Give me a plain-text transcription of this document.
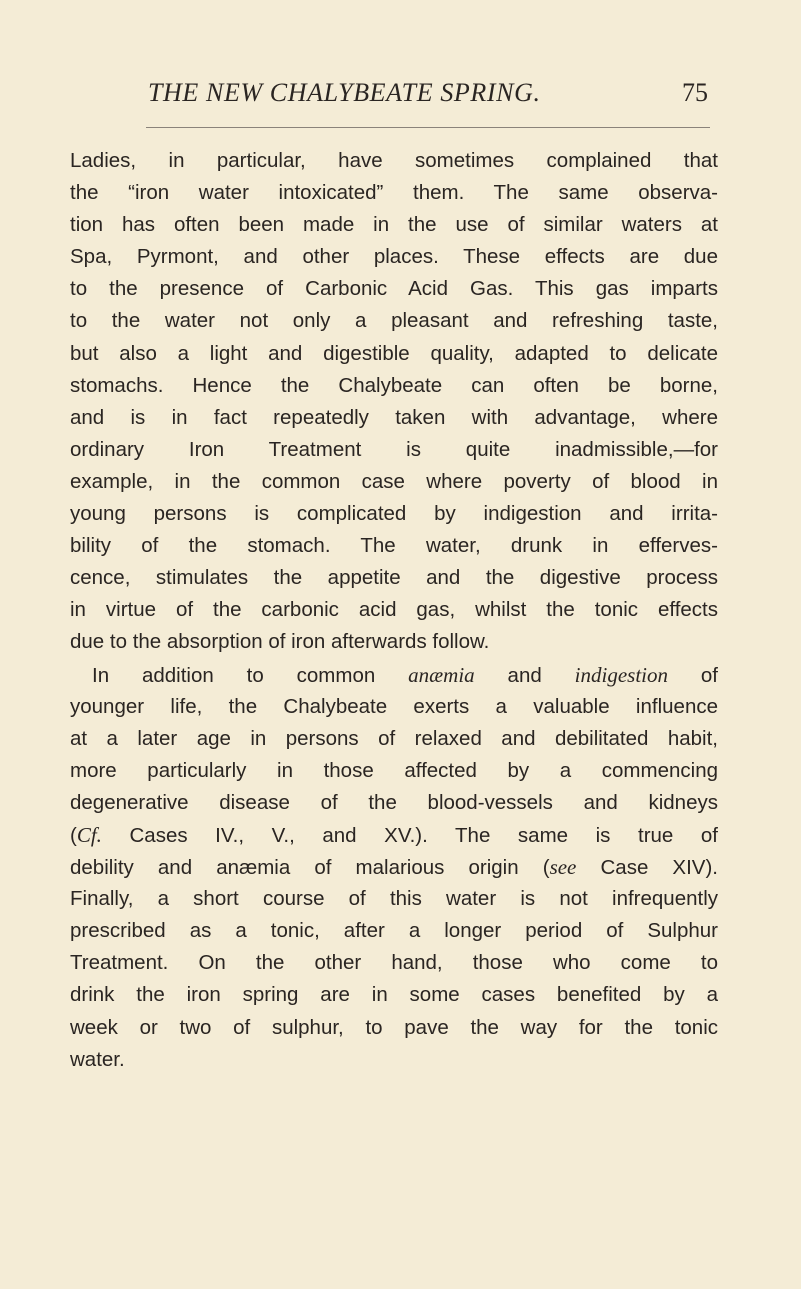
THE NEW CHALYBEATE SPRING.	75
Ladies, in particular, have sometimes complained that
the “iron water intoxicated” them. The same observa-
tion has often been made in the use of similar waters at
Spa, Pyrmont, and other places. These effects are due
to the presence of Carbonic Acid Gas. This gas imparts
to the water not only a pleasant and refreshing taste,
but also a light and digestible quality, adapted to delicate
stomachs. Hence the Chalybeate can often be borne,
and is in fact repeatedly taken with advantage, where
ordinary Iron Treatment is quite inadmissible,—for
example, in the common case where poverty of blood in
young persons is complicated by indigestion and irrita-
bility of the stomach. The water, drunk in efferves-
cence, stimulates the appetite and the digestive process
in virtue of the carbonic acid gas, whilst the tonic effects
due to the absorption of iron afterwards follow.
In addition to common anæmia and indigestion of
younger life, the Chalybeate exerts a valuable influence
at a later age in persons of relaxed and debilitated habit,
more particularly in those affected by a commencing
degenerative disease of the blood-vessels and kidneys
(Cf. Cases IV., V., and XV.). The same is true of
debility and anæmia of malarious origin (see Case XIV).
Finally, a short course of this water is not infrequently
prescribed as a tonic, after a longer period of Sulphur
Treatment. On the other hand, those who come to
drink the iron spring are in some cases benefited by a
week or two of sulphur, to pave the way for the tonic
water.
